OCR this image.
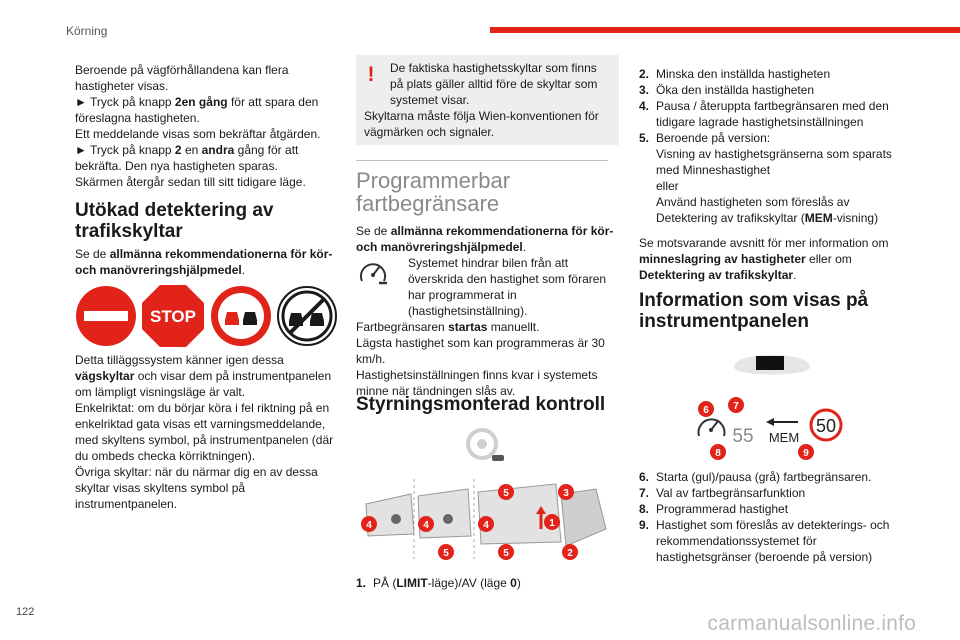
Körning
122	carmanualsonline.info

Beroende på vägförhållandena kan flera hastigheter visas.

► Tryck på knapp 2en gång för att spara den föreslagna hastigheten.

Ett meddelande visas som bekräftar åtgärden.

► Tryck på knapp 2 en andra gång för att bekräfta. Den nya hastigheten sparas.

Skärmen återgår sedan till sitt tidigare läge.

Utökad detektering av trafikskyltar

Se de allmänna rekommendationerna för kör- och manövreringshjälpmedel.

STOP

Detta tilläggssystem känner igen dessa vägskyltar och visar dem på instrumentpanelen om lämpligt visningsläge är valt.

Enkelriktat: om du börjar köra i fel riktning på en enkelriktad gata visas ett varningsmeddelande, med skyltens symbol, på instrumentpanelen (där du ombeds checka körriktningen).

Övriga skyltar: när du närmar dig en av dessa skyltar visas skyltens symbol på instrumentpanelen.

!	De faktiska hastighetsskyltar som finns på plats gäller alltid före de skyltar som systemet visar.

Skyltarna måste följa Wien-konventionen för vägmärken och signaler.

Programmerbar
fartbegränsare

Se de allmänna rekommendationerna för kör- och manövreringshjälpmedel.

Systemet hindrar bilen från att överskrida den hastighet som föraren har programmerat in (hastighetsinställning).

Fartbegränsaren startas manuellt.

Lägsta hastighet som kan programmeras är 30 km/h.

Hastighetsinställningen finns kvar i systemets minne när tändningen slås av.

Styrningsmonterad kontroll
4	4	4
5
5
5
3
1
2
1. PÅ (LIMIT-läge)/AV (läge 0)
2. Minska den inställda hastigheten
3. Öka den inställda hastigheten
4. Pausa / återuppta fartbegränsaren med den tidigare lagrade hastighetsinställningen
5. Beroende på version:
Visning av hastighetsgränserna som sparats med Minneshastighet
eller
Använd hastigheten som föreslås av Detektering av trafikskyltar (MEM-visning)

Se motsvarande avsnitt för mer information om minneslagring av hastigheter eller om Detektering av trafikskyltar.

Information som visas på instrumentpanelen
55 MEM
50
6 7
8	9
6. Starta (gul)/pausa (grå) fartbegränsaren.
7. Val av fartbegränsarfunktion
8. Programmerad hastighet
9. Hastighet som föreslås av detekterings- och rekommendationssystemet för hastighetsgränser (beroende på version)
